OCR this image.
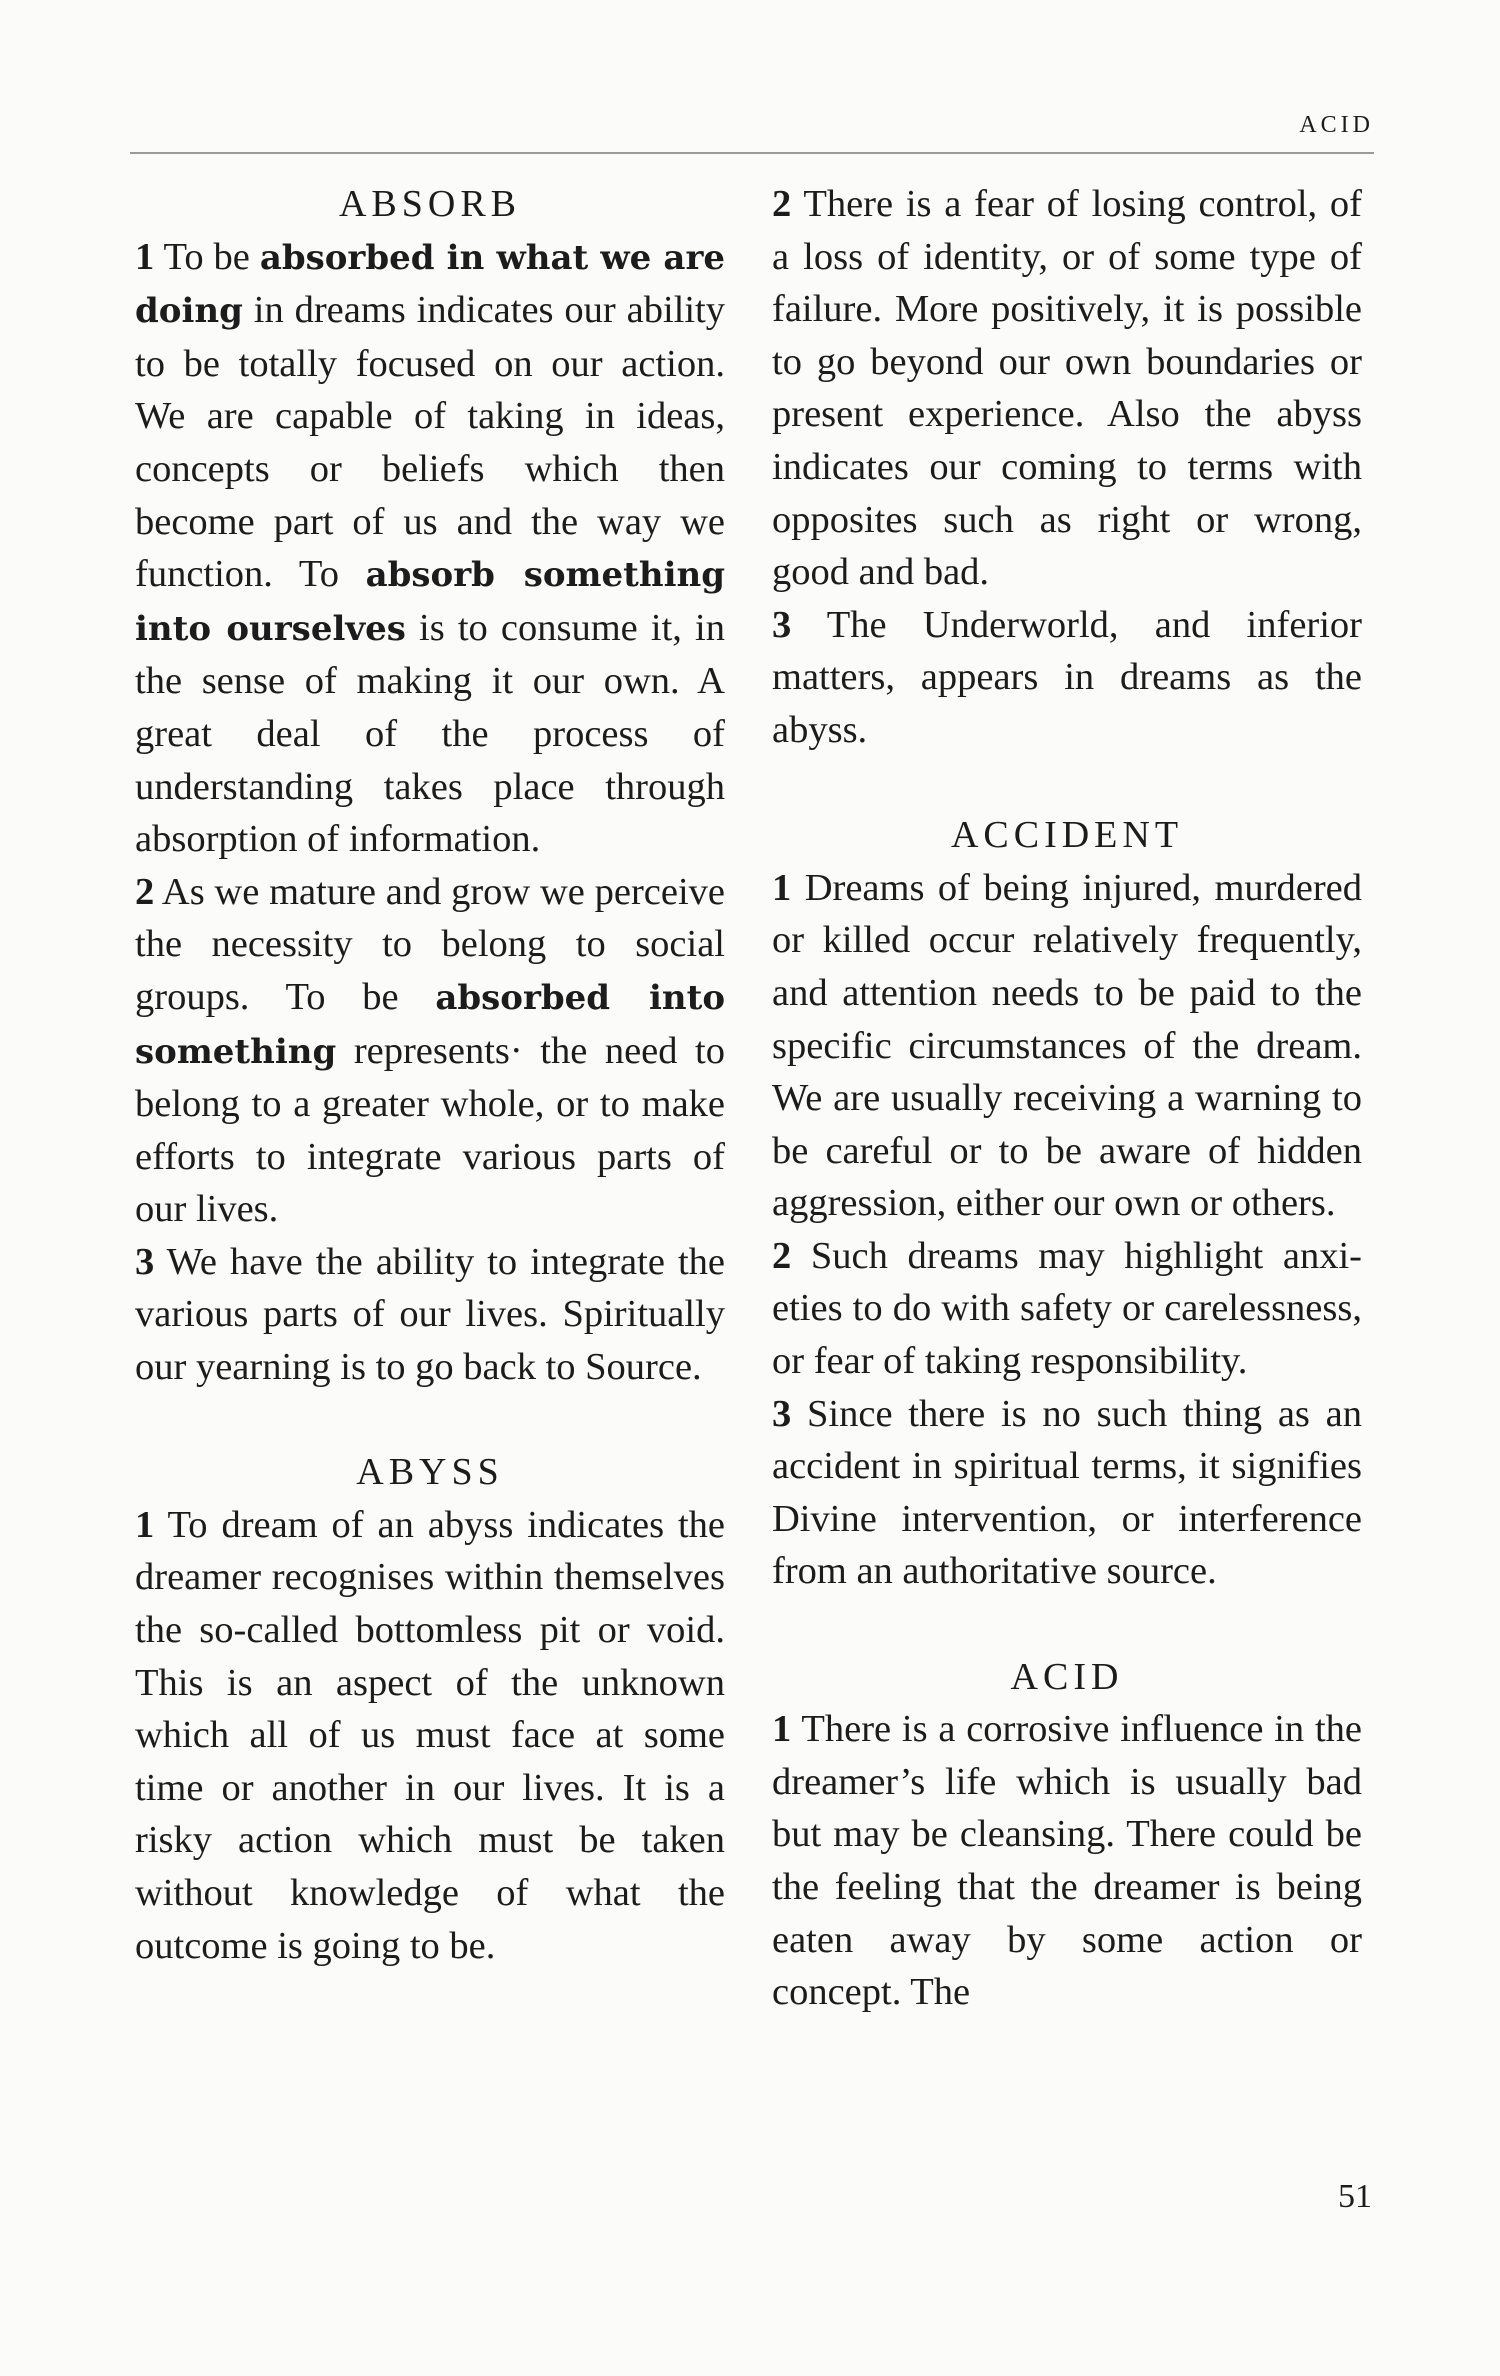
ACID
ABSORB

1 To be absorbed in what we are doing in dreams indicates our ability to be totally focused on our action. We are capable of taking in ideas, concepts or beliefs which then become part of us and the way we function. To absorb something into ourselves is to consume it, in the sense of making it our own. A great deal of the process of understanding takes place through absorption of information.

2 As we mature and grow we perceive the necessity to belong to social groups. To be absorbed into something represents· the need to belong to a greater whole, or to make efforts to integrate various parts of our lives.

3 We have the ability to integrate the various parts of our lives. Spiritually our yearning is to go back to Source.

ABYSS

1 To dream of an abyss indicates the dreamer recognises within themselves the so-called bottomless pit or void. This is an aspect of the unknown which all of us must face at some time or another in our lives. It is a risky action which must be taken without knowledge of what the outcome is going to be.

2 There is a fear of losing control, of a loss of identity, or of some type of failure. More positively, it is possible to go beyond our own boundaries or present experience. Also the abyss indicates our coming to terms with opposites such as right or wrong, good and bad.

3 The Underworld, and inferior matters, appears in dreams as the abyss.

ACCIDENT

1 Dreams of being injured, murdered or killed occur relatively frequently, and attention needs to be paid to the specific circumstances of the dream. We are usually receiving a warning to be careful or to be aware of hidden aggression, either our own or others.

2 Such dreams may highlight anxieties to do with safety or carelessness, or fear of taking responsibility.

3 Since there is no such thing as an accident in spiritual terms, it signifies Divine intervention, or interference from an authoritative source.

ACID

1 There is a corrosive influence in the dreamer’s life which is usually bad but may be cleansing. There could be the feeling that the dreamer is being eaten away by some action or concept. The

51
